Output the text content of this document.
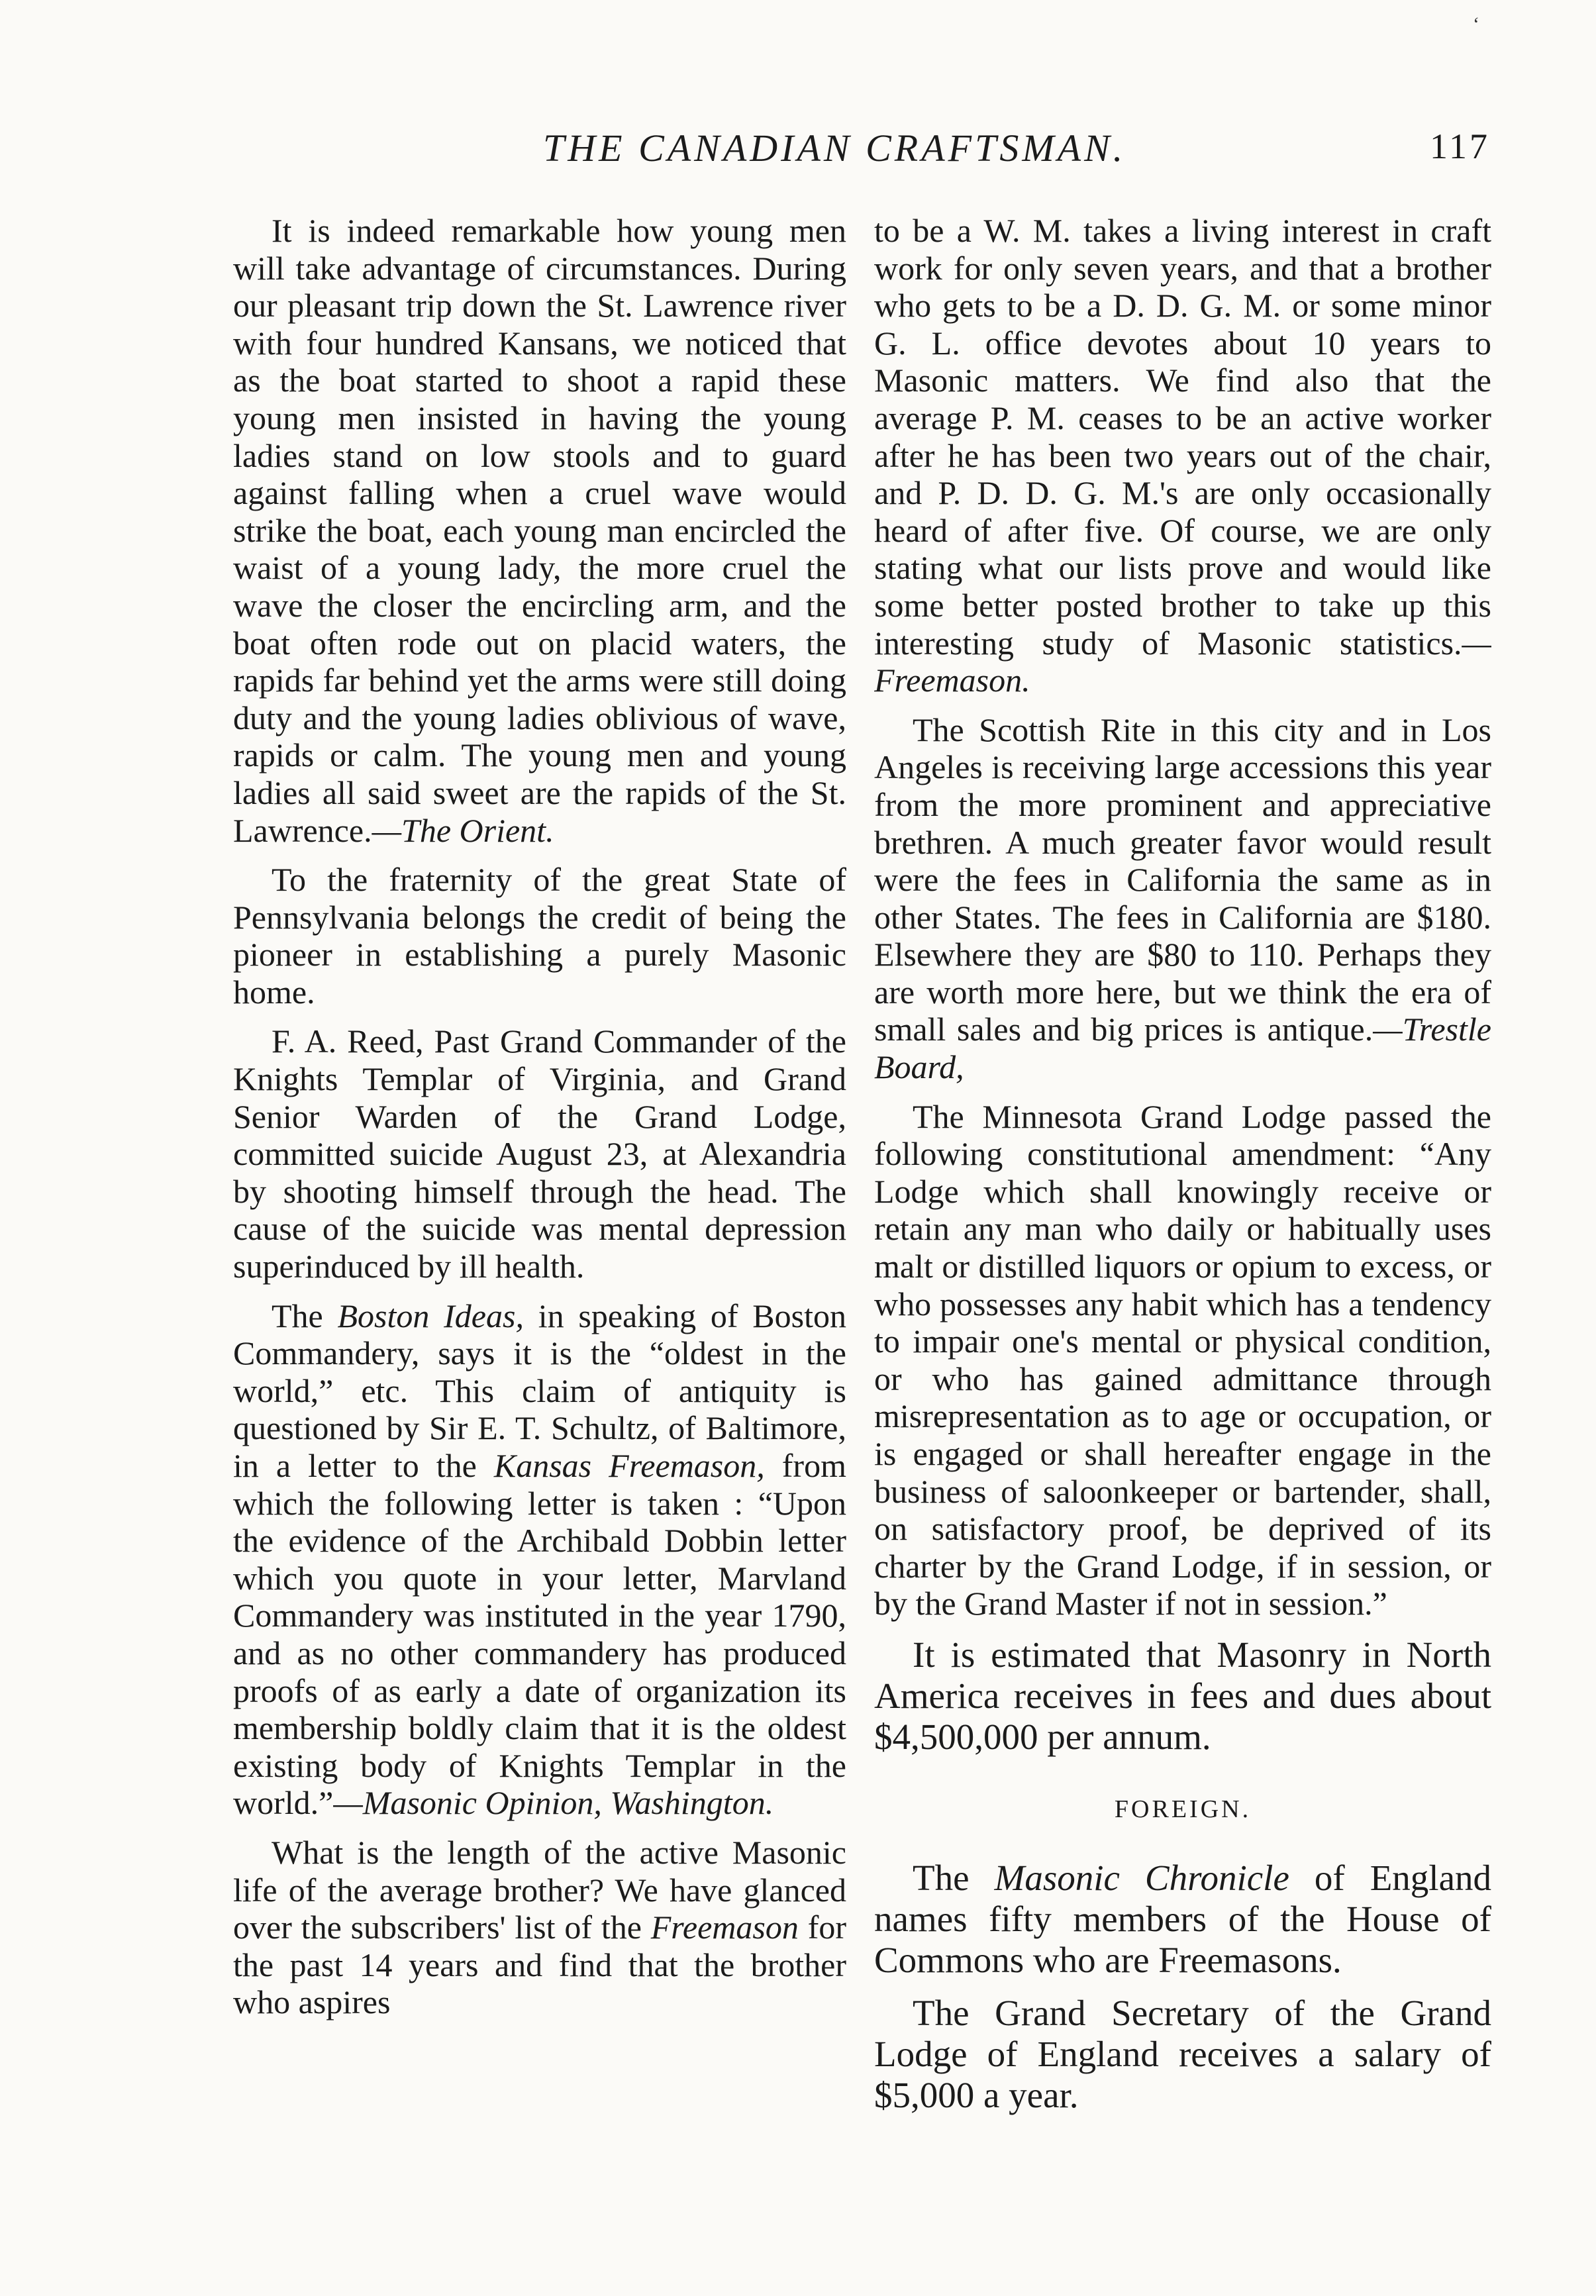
THE CANADIAN CRAFTSMAN.	117
‘

It is indeed remarkable how young men will take advantage of circumstances. During our pleasant trip down the St. Lawrence river with four hundred Kansans, we noticed that as the boat started to shoot a rapid these young men insisted in having the young ladies stand on low stools and to guard against falling when a cruel wave would strike the boat, each young man encircled the waist of a young lady, the more cruel the wave the closer the encircling arm, and the boat often rode out on placid waters, the rapids far behind yet the arms were still doing duty and the young ladies oblivious of wave, rapids or calm. The young men and young ladies all said sweet are the rapids of the St. Lawrence.—The Orient.

To the fraternity of the great State of Pennsylvania belongs the credit of being the pioneer in establishing a purely Masonic home.

F. A. Reed, Past Grand Commander of the Knights Templar of Virginia, and Grand Senior Warden of the Grand Lodge, committed suicide August 23, at Alexandria by shooting himself through the head. The cause of the suicide was mental depression superinduced by ill health.

The Boston Ideas, in speaking of Boston Commandery, says it is the “oldest in the world,” etc. This claim of antiquity is questioned by Sir E. T. Schultz, of Baltimore, in a letter to the Kansas Freemason, from which the following letter is taken : “Upon the evidence of the Archibald Dobbin letter which you quote in your letter, Marvland Commandery was instituted in the year 1790, and as no other commandery has produced proofs of as early a date of organization its membership boldly claim that it is the oldest existing body of Knights Templar in the world.”—Masonic Opinion, Washington.

What is the length of the active Masonic life of the average brother? We have glanced over the subscribers' list of the Freemason for the past 14 years and find that the brother who aspires

to be a W. M. takes a living interest in craft work for only seven years, and that a brother who gets to be a D. D. G. M. or some minor G. L. office devotes about 10 years to Masonic matters. We find also that the average P. M. ceases to be an active worker after he has been two years out of the chair, and P. D. D. G. M.'s are only occasionally heard of after five. Of course, we are only stating what our lists prove and would like some better posted brother to take up this interesting study of Masonic statistics.—Freemason.

The Scottish Rite in this city and in Los Angeles is receiving large accessions this year from the more prominent and appreciative brethren. A much greater favor would result were the fees in California the same as in other States. The fees in California are $180. Elsewhere they are $80 to 110. Perhaps they are worth more here, but we think the era of small sales and big prices is antique.—Trestle Board,

The Minnesota Grand Lodge passed the following constitutional amendment: “Any Lodge which shall knowingly receive or retain any man who daily or habitually uses malt or distilled liquors or opium to excess, or who possesses any habit which has a tendency to impair one's mental or physical condition, or who has gained admittance through misrepresentation as to age or occupation, or is engaged or shall hereafter engage in the business of saloonkeeper or bartender, shall, on satisfactory proof, be deprived of its charter by the Grand Lodge, if in session, or by the Grand Master if not in session.”

It is estimated that Masonry in North America receives in fees and dues about $4,500,000 per annum.

FOREIGN.

The Masonic Chronicle of England names fifty members of the House of Commons who are Freemasons.

The Grand Secretary of the Grand Lodge of England receives a salary of $5,000 a year.
